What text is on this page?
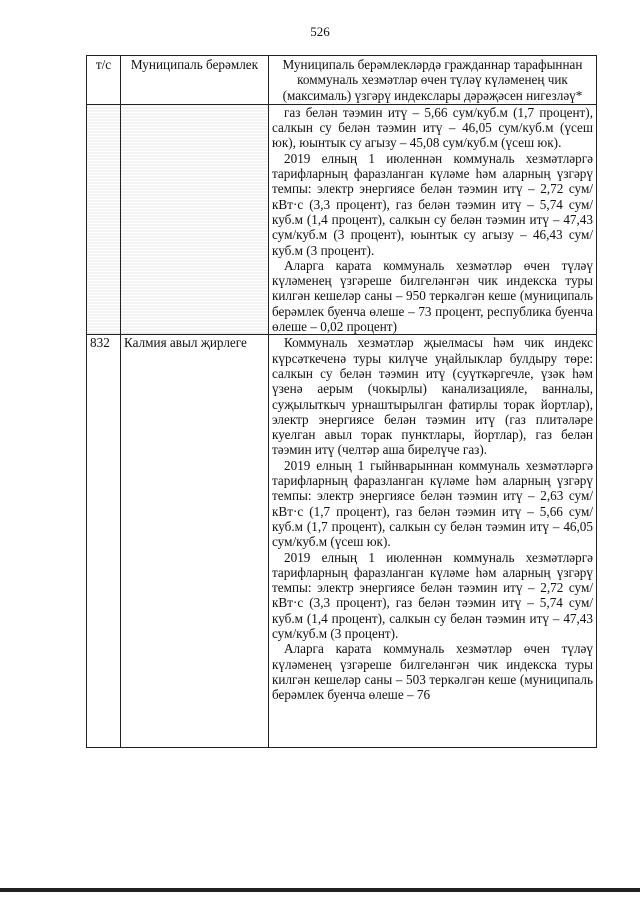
526
т/с	Муниципаль берәмлек	Муниципаль берәмлекләрдә гражданнар тарафыннан коммуналь хезмәтләр өчен түләү күләменең чик (максималь) үзгәрү индекслары дәрәҗәсен нигезләү*

		газ белән тәэмин итү – 5,66 сум/куб.м (1,7 процент), салкын су белән тәэмин итү – 46,05 сум/куб.м (үсеш юк), юынтык су агызу – 45,08 сум/куб.м (үсеш юк).

2019 елның 1 июленнән коммуналь хезмәтләргә тарифларның фаразланган күләме һәм аларның үзгәрү темпы: электр энергиясе белән тәэмин итү – 2,72 сум/кВт·с (3,3 процент), газ белән тәэмин итү – 5,74 сум/куб.м (1,4 процент), салкын су белән тәэмин итү – 47,43 сум/куб.м (3 процент), юынтык су агызу – 46,43 сум/куб.м (3 процент).

Аларга карата коммуналь хезмәтләр өчен түләү күләменең үзгәреше билгеләнгән чик индекска туры килгән кешеләр саны – 950 теркәлгән кеше (муниципаль берәмлек буенча өлеше – 73 процент, республика буенча өлеше – 0,02 процент)

832	Калмия авыл җирлеге	Коммуналь хезмәтләр җыелмасы һәм чик индекс күрсәткеченә туры килүче уңайлыклар булдыру төре: салкын су белән тәэмин итү (суүткәргечле, үзәк һәм үзенә аерым (чокырлы) канализацияле, ванналы, суҗылыткыч урнаштырылган фатирлы торак йортлар), электр энергиясе белән тәэмин итү (газ плитәләре куелган авыл торак пунктлары, йортлар), газ белән тәэмин итү (челтәр аша бирелүче газ).

2019 елның 1 гыйнварыннан коммуналь хезмәтләргә тарифларның фаразланган күләме һәм аларның үзгәрү темпы: электр энергиясе белән тәэмин итү – 2,63 сум/кВт·с (1,7 процент), газ белән тәэмин итү – 5,66 сум/куб.м (1,7 процент), салкын су белән тәэмин итү – 46,05 сум/куб.м (үсеш юк).

2019 елның 1 июленнән коммуналь хезмәтләргә тарифларның фаразланган күләме һәм аларның үзгәрү темпы: электр энергиясе белән тәэмин итү – 2,72 сум/кВт·с (3,3 процент), газ белән тәэмин итү – 5,74 сум/куб.м (1,4 процент), салкын су белән тәэмин итү – 47,43 сум/куб.м (3 процент).

Аларга карата коммуналь хезмәтләр өчен түләү күләменең үзгәреше билгеләнгән чик индекска туры килгән кешеләр саны – 503 теркәлгән кеше (муниципаль берәмлек буенча өлеше – 76
